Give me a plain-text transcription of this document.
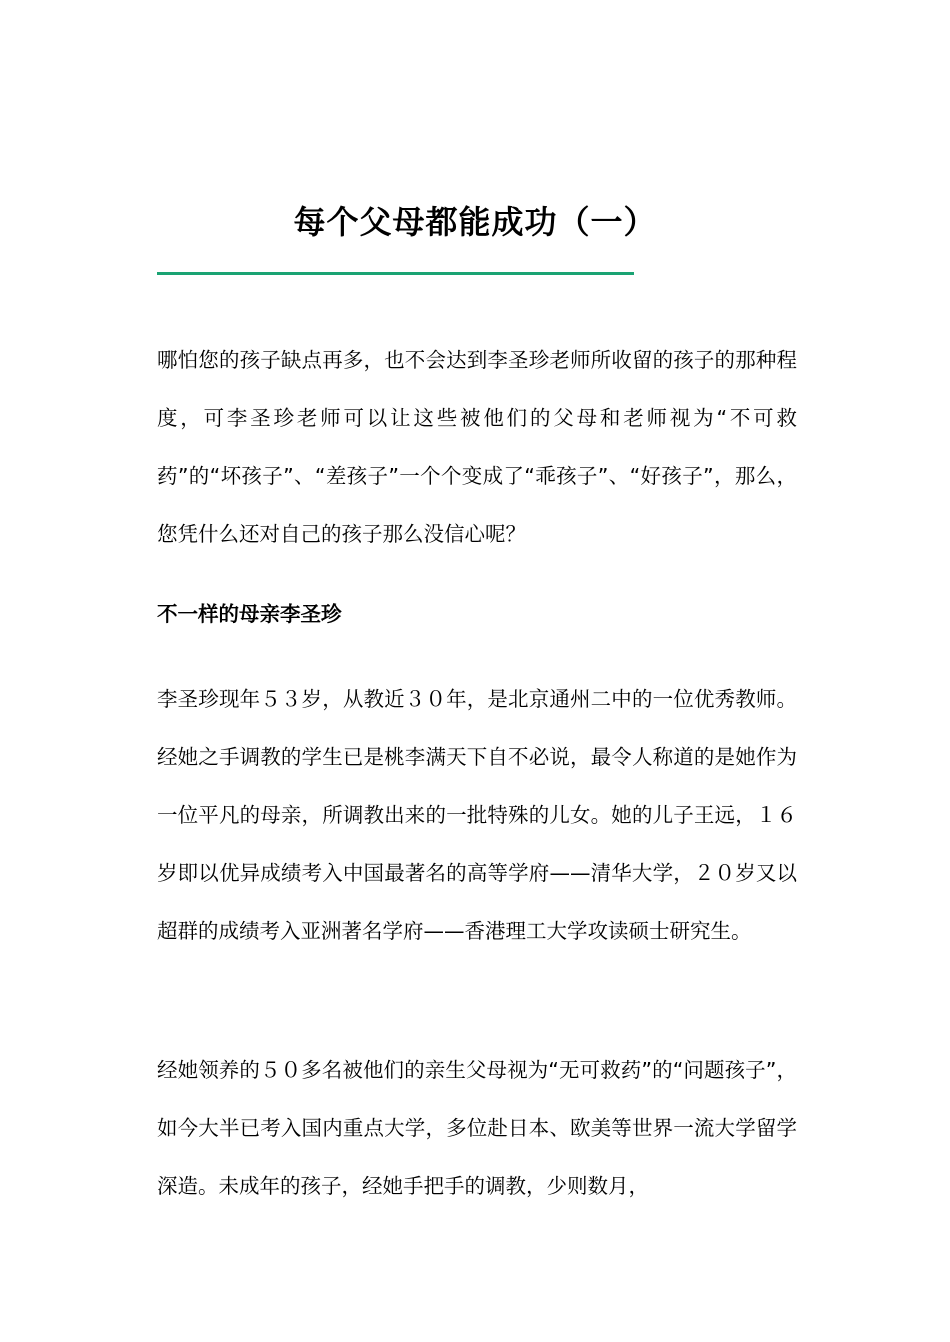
每个父母都能成功（一）

哪怕您的孩子缺点再多，也不会达到李圣珍老师所收留的孩子的那种程度，可李圣珍老师可以让这些被他们的父母和老师视为“不可救药”的“坏孩子”、“差孩子”一个个变成了“乖孩子”、“好孩子”，那么，您凭什么还对自己的孩子那么没信心呢？

不一样的母亲李圣珍

李圣珍现年５３岁，从教近３０年，是北京通州二中的一位优秀教师。经她之手调教的学生已是桃李满天下自不必说，最令人称道的是她作为一位平凡的母亲，所调教出来的一批特殊的儿女。她的儿子王远，１６岁即以优异成绩考入中国最著名的高等学府——清华大学，２０岁又以超群的成绩考入亚洲著名学府——香港理工大学攻读硕士研究生。

经她领养的５０多名被他们的亲生父母视为“无可救药”的“问题孩子”，如今大半已考入国内重点大学，多位赴日本、欧美等世界一流大学留学深造。未成年的孩子，经她手把手的调教，少则数月，
